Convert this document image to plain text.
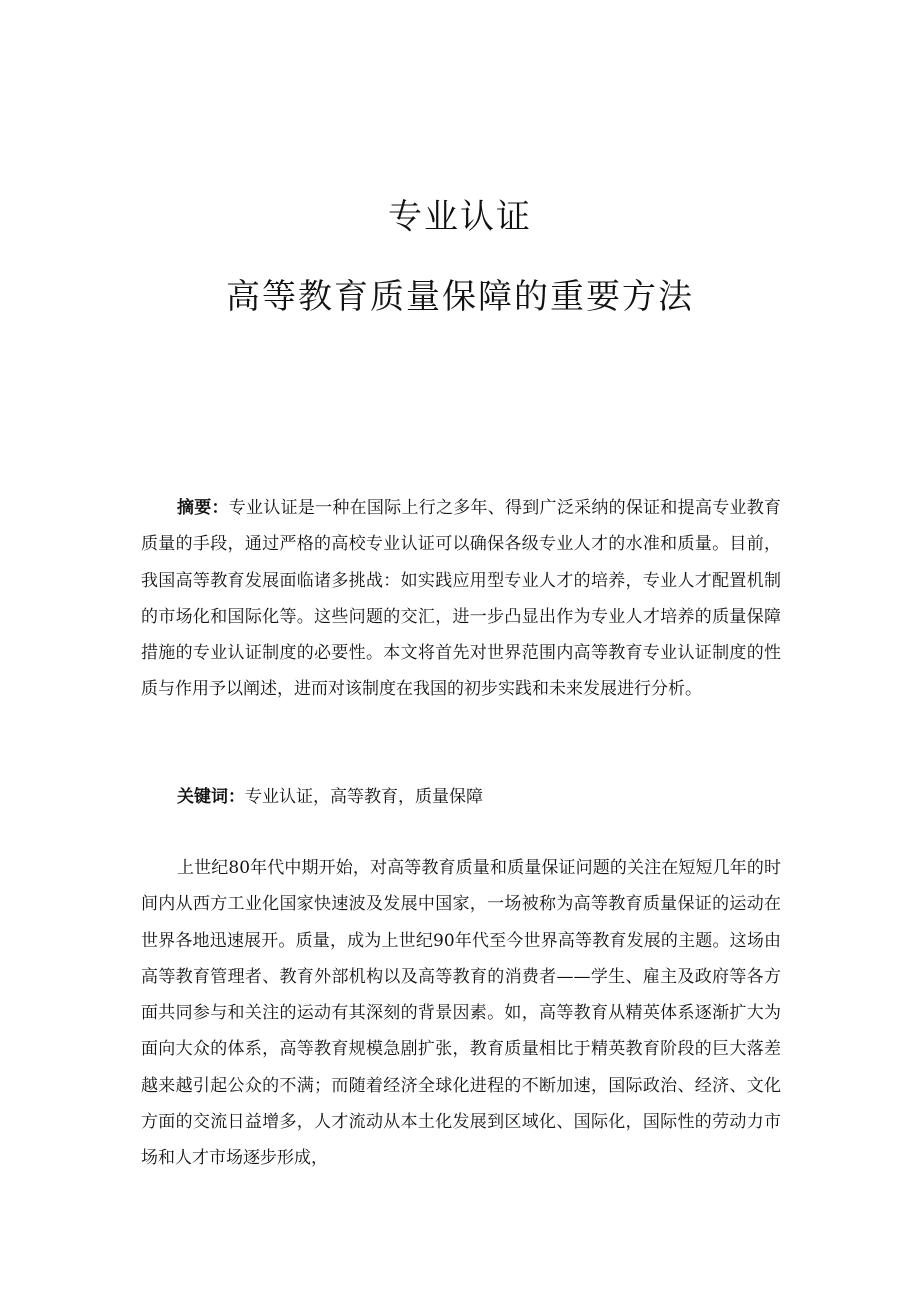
专业认证
高等教育质量保障的重要方法

摘要：专业认证是一种在国际上行之多年、得到广泛采纳的保证和提高专业教育质量的手段，通过严格的高校专业认证可以确保各级专业人才的水准和质量。目前，我国高等教育发展面临诸多挑战：如实践应用型专业人才的培养，专业人才配置机制的市场化和国际化等。这些问题的交汇，进一步凸显出作为专业人才培养的质量保障措施的专业认证制度的必要性。本文将首先对世界范围内高等教育专业认证制度的性质与作用予以阐述，进而对该制度在我国的初步实践和未来发展进行分析。

关键词：专业认证，高等教育，质量保障

上世纪80年代中期开始，对高等教育质量和质量保证问题的关注在短短几年的时间内从西方工业化国家快速波及发展中国家，一场被称为高等教育质量保证的运动在世界各地迅速展开。质量，成为上世纪90年代至今世界高等教育发展的主题。这场由高等教育管理者、教育外部机构以及高等教育的消费者——学生、雇主及政府等各方面共同参与和关注的运动有其深刻的背景因素。如，高等教育从精英体系逐渐扩大为面向大众的体系，高等教育规模急剧扩张，教育质量相比于精英教育阶段的巨大落差越来越引起公众的不满；而随着经济全球化进程的不断加速，国际政治、经济、文化方面的交流日益增多，人才流动从本土化发展到区域化、国际化，国际性的劳动力市场和人才市场逐步形成，
